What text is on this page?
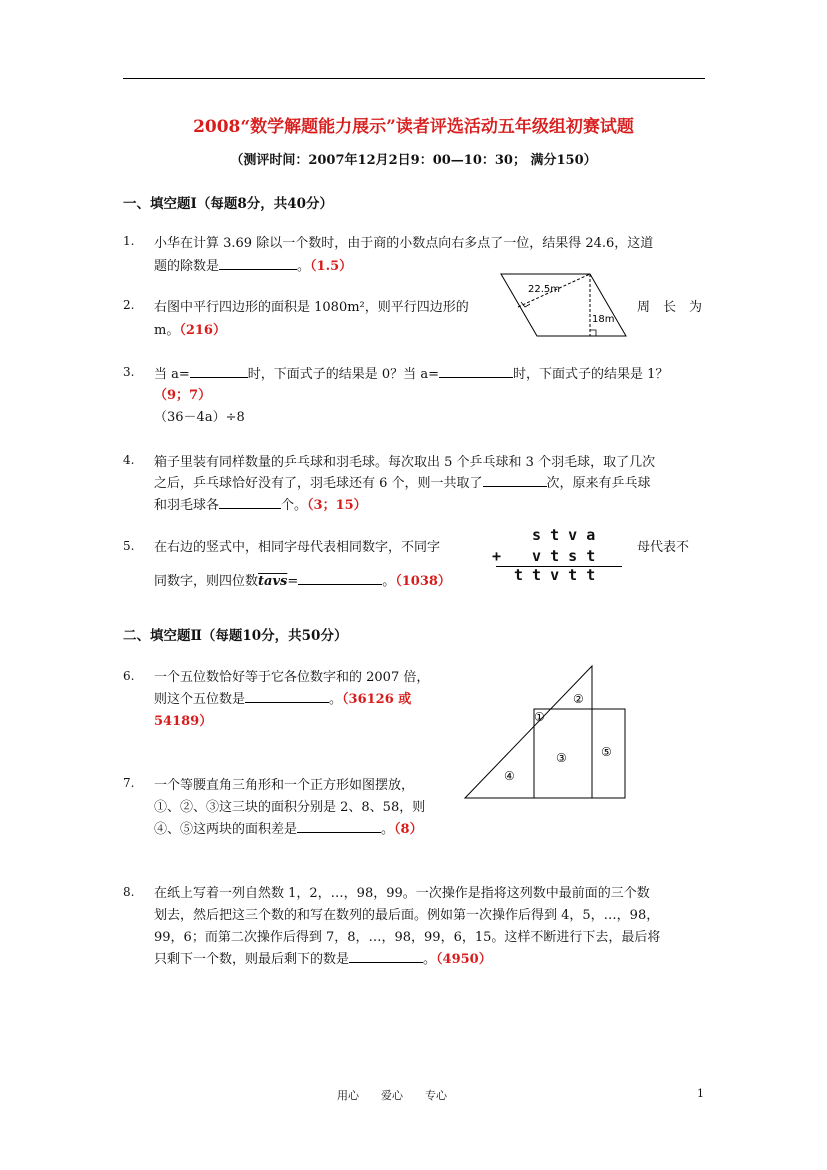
2008“数学解题能力展示”读者评选活动五年级组初赛试题
（测评时间：2007年12月2日9：00—10：30； 满分150）
一、填空题Ⅰ（每题8分，共40分）
1. 小华在计算 3.69 除以一个数时，由于商的小数点向右多点了一位，结果得 24.6，这道
题的除数是	。（1.5）
2. 右图中平行四边形的面积是 1080m²，则平行四边形的	周　长　为
m。（216）
22.5m
18m
3. 当 a=	时，下面式子的结果是 0？当 a=	时，下面式子的结果是 1？
（9；7）
（36－4a）÷8
4. 箱子里装有同样数量的乒乓球和羽毛球。每次取出 5 个乒乓球和 3 个羽毛球，取了几次
之后，乒乓球恰好没有了，羽毛球还有 6 个，则一共取了	次，原来有乒乓球
和羽毛球各	个。（3；15）
5. 在右边的竖式中，相同字母代表相同数字，不同字	母代表不
同数字，则四位数tavs=	。（1038）
s t v a
+ v t s t
t t v t t
二、填空题Ⅱ（每题10分，共50分）
6. 一个五位数恰好等于它各位数字和的 2007 倍，
则这个五位数是	。（36126 或
54189）	①
②
③
④
⑤
7. 一个等腰直角三角形和一个正方形如图摆放，
①、②、③这三块的面积分别是 2、8、58，则
④、⑤这两块的面积差是	。（8）
8. 在纸上写着一列自然数 1，2，…，98，99。一次操作是指将这列数中最前面的三个数
划去，然后把这三个数的和写在数列的最后面。例如第一次操作后得到 4，5，…，98，
99，6；而第二次操作后得到 7，8，…，98，99，6，15。这样不断进行下去，最后将
只剩下一个数，则最后剩下的数是	。（4950）
用心　　爱心　　专心	1
